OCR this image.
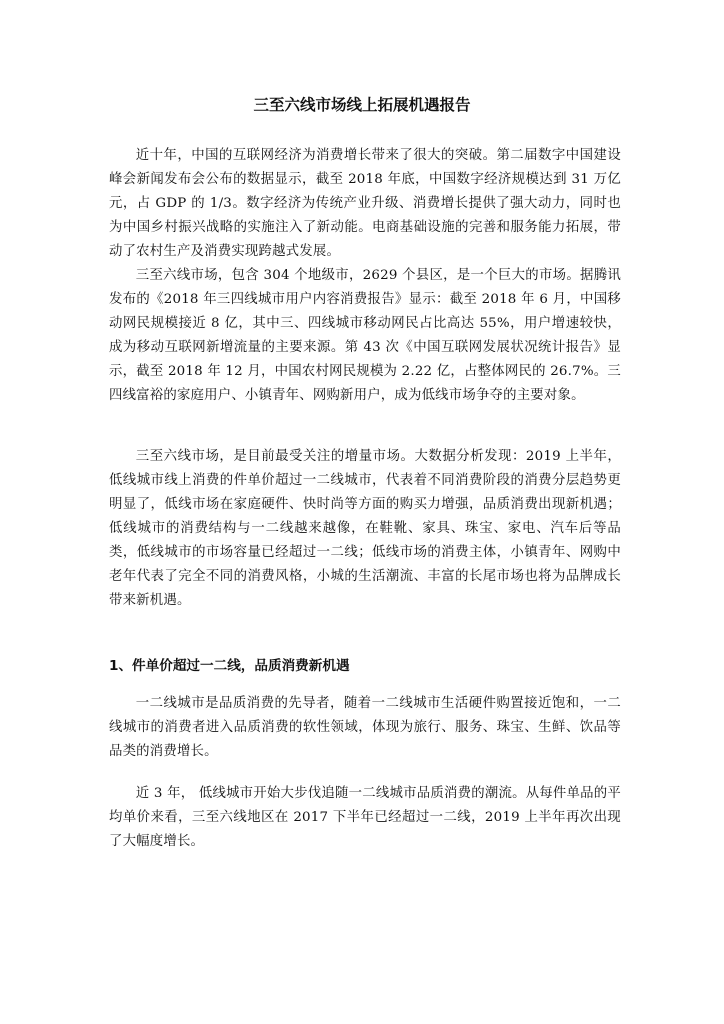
三至六线市场线上拓展机遇报告

近十年，中国的互联网经济为消费增长带来了很大的突破。第二届数字中国建设峰会新闻发布会公布的数据显示，截至 2018 年底，中国数字经济规模达到 31 万亿元，占 GDP 的 1/3。数字经济为传统产业升级、消费增长提供了强大动力，同时也为中国乡村振兴战略的实施注入了新动能。电商基础设施的完善和服务能力拓展，带动了农村生产及消费实现跨越式发展。

三至六线市场，包含 304 个地级市，2629 个县区，是一个巨大的市场。据腾讯发布的《2018 年三四线城市用户内容消费报告》显示：截至 2018 年 6 月，中国移动网民规模接近 8 亿，其中三、四线城市移动网民占比高达 55%，用户增速较快，成为移动互联网新增流量的主要来源。第 43 次《中国互联网发展状况统计报告》显示，截至 2018 年 12 月，中国农村网民规模为 2.22 亿，占整体网民的 26.7%。三四线富裕的家庭用户、小镇青年、网购新用户，成为低线市场争夺的主要对象。

三至六线市场，是目前最受关注的增量市场。大数据分析发现：2019 上半年，低线城市线上消费的件单价超过一二线城市，代表着不同消费阶段的消费分层趋势更明显了，低线市场在家庭硬件、快时尚等方面的购买力增强，品质消费出现新机遇；低线城市的消费结构与一二线越来越像，在鞋靴、家具、珠宝、家电、汽车后等品类，低线城市的市场容量已经超过一二线；低线市场的消费主体，小镇青年、网购中老年代表了完全不同的消费风格，小城的生活潮流、丰富的长尾市场也将为品牌成长带来新机遇。

1、件单价超过一二线，品质消费新机遇

一二线城市是品质消费的先导者，随着一二线城市生活硬件购置接近饱和，一二线城市的消费者进入品质消费的软性领域，体现为旅行、服务、珠宝、生鲜、饮品等品类的消费增长。

近 3 年， 低线城市开始大步伐追随一二线城市品质消费的潮流。从每件单品的平均单价来看，三至六线地区在 2017 下半年已经超过一二线，2019 上半年再次出现了大幅度增长。
